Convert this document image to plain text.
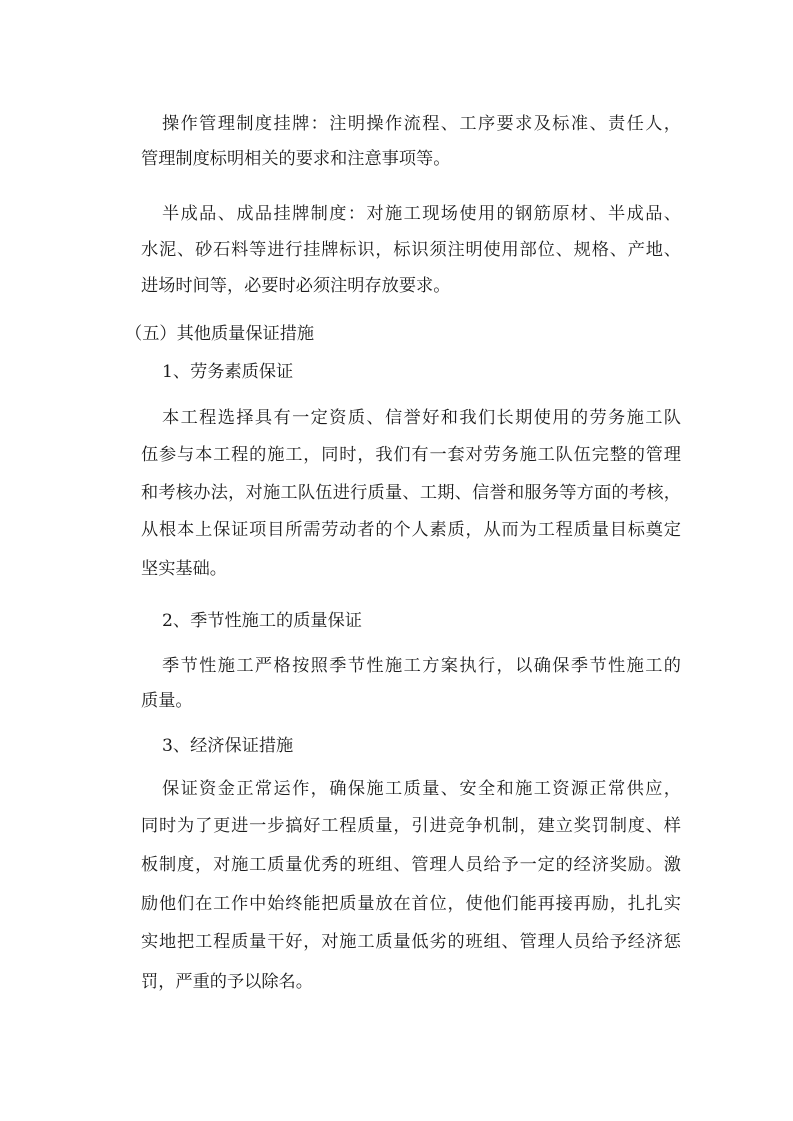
操作管理制度挂牌：注明操作流程、工序要求及标准、责任人，
管理制度标明相关的要求和注意事项等。
半成品、成品挂牌制度：对施工现场使用的钢筋原材、半成品、
水泥、砂石料等进行挂牌标识，标识须注明使用部位、规格、产地、
进场时间等，必要时必须注明存放要求。
（五）其他质量保证措施
1、劳务素质保证
本工程选择具有一定资质、信誉好和我们长期使用的劳务施工队
伍参与本工程的施工，同时，我们有一套对劳务施工队伍完整的管理
和考核办法，对施工队伍进行质量、工期、信誉和服务等方面的考核，
从根本上保证项目所需劳动者的个人素质，从而为工程质量目标奠定
坚实基础。
2、季节性施工的质量保证
季节性施工严格按照季节性施工方案执行，以确保季节性施工的
质量。
3、经济保证措施
保证资金正常运作，确保施工质量、安全和施工资源正常供应，
同时为了更进一步搞好工程质量，引进竞争机制，建立奖罚制度、样
板制度，对施工质量优秀的班组、管理人员给予一定的经济奖励。激
励他们在工作中始终能把质量放在首位，使他们能再接再励，扎扎实
实地把工程质量干好，对施工质量低劣的班组、管理人员给予经济惩
罚，严重的予以除名。
